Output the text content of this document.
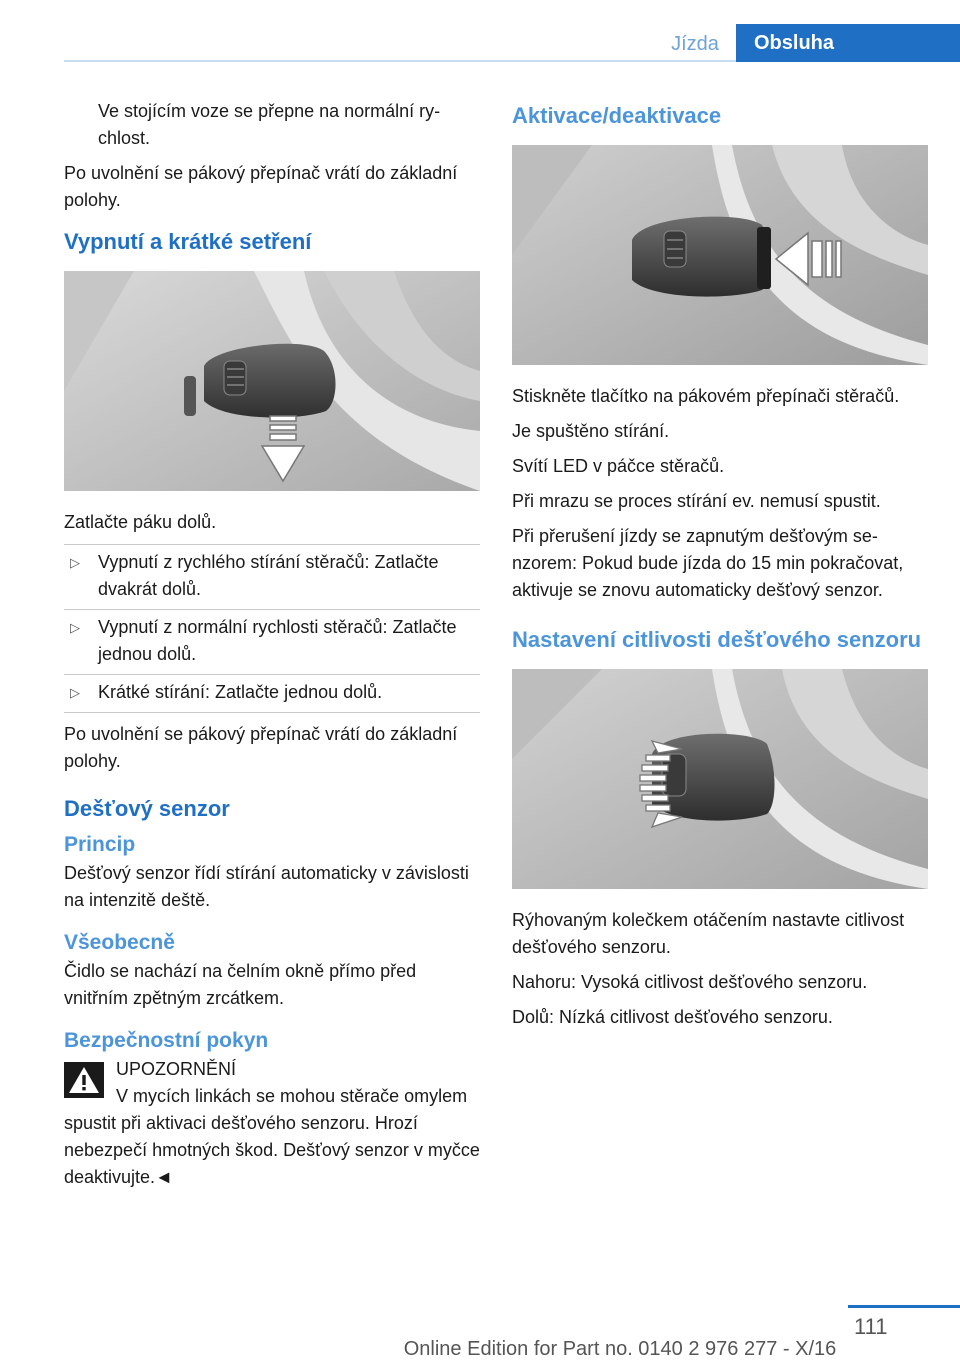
Jízda	Obsluha

Ve stojícím voze se přepne na normální rychlost.

Po uvolnění se pákový přepínač vrátí do základní polohy.

Vypnutí a krátké setření

Zatlačte páku dolů.

▷ Vypnutí z rychlého stírání stěračů: Zatlačte dvakrát dolů.
▷ Vypnutí z normální rychlosti stěračů: Zatlačte jednou dolů.
▷ Krátké stírání: Zatlačte jednou dolů.

Po uvolnění se pákový přepínač vrátí do základní polohy.

Dešťový senzor
Princip

Dešťový senzor řídí stírání automaticky v závislosti na intenzitě deště.

Všeobecně

Čidlo se nachází na čelním okně přímo před vnitřním zpětným zrcátkem.

Bezpečnostní pokyn
UPOZORNĚNÍ

V mycích linkách se mohou stěrače omylem spustit při aktivaci dešťového senzoru. Hrozí nebezpečí hmotných škod. Dešťový senzor v myčce deaktivujte.◄

Aktivace/deaktivace

Stiskněte tlačítko na pákovém přepínači stěračů.

Je spuštěno stírání.

Svítí LED v páčce stěračů.

Při mrazu se proces stírání ev. nemusí spustit.

Při přerušení jízdy se zapnutým dešťovým senzorem: Pokud bude jízda do 15 min pokračovat, aktivuje se znovu automaticky dešťový senzor.

Nastavení citlivosti dešťového senzoru

Rýhovaným kolečkem otáčením nastavte citlivost dešťového senzoru.

Nahoru: Vysoká citlivost dešťového senzoru.

Dolů: Nízká citlivost dešťového senzoru.

111
Online Edition for Part no. 0140 2 976 277 - X/16
